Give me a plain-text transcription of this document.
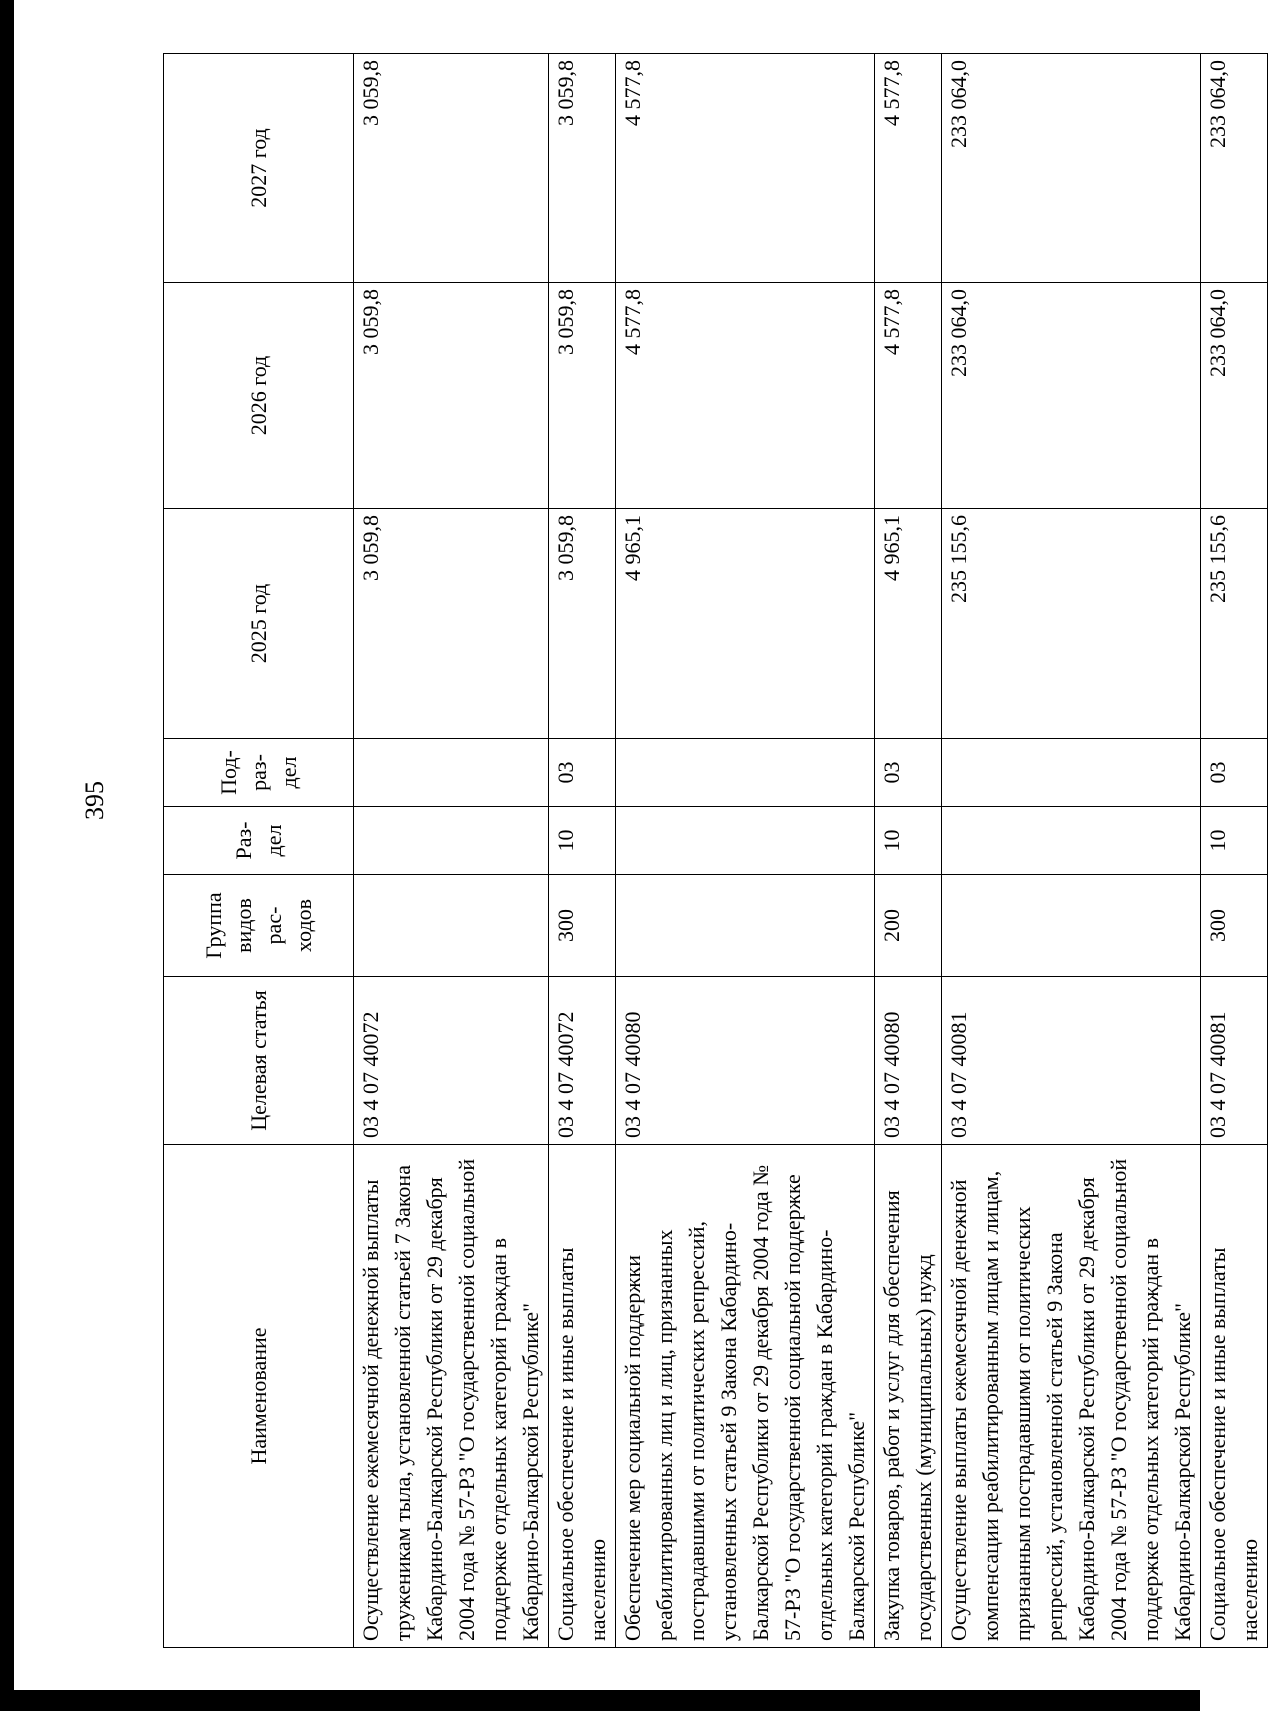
395
Наименование	Целевая статья	Группа видов рас-ходов	Раз-дел	Под-раз-дел	2025 год	2026 год	2027 год
Осуществление ежемесячной денежной выплаты труженикам тыла, установленной статьей 7 Закона Кабардино-Балкарской Республики от 29 декабря 2004 года № 57-РЗ "О государственной социальной поддержке отдельных категорий граждан в Кабардино-Балкарской Республике"	03 4 07 40072				3 059,8	3 059,8	3 059,8
Социальное обеспечение и иные выплаты населению	03 4 07 40072	300	10	03	3 059,8	3 059,8	3 059,8
Обеспечение мер социальной поддержки реабилитированных лиц и лиц, признанных пострадавшими от политических репрессий, установленных статьей 9 Закона Кабардино-Балкарской Республики от 29 декабря 2004 года № 57-РЗ "О государственной социальной поддержке отдельных категорий граждан в Кабардино-Балкарской Республике"	03 4 07 40080				4 965,1	4 577,8	4 577,8
Закупка товаров, работ и услуг для обеспечения государственных (муниципальных) нужд	03 4 07 40080	200	10	03	4 965,1	4 577,8	4 577,8
Осуществление выплаты ежемесячной денежной компенсации реабилитированным лицам и лицам, признанным пострадавшими от политических репрессий, установленной статьей 9 Закона Кабардино-Балкарской Республики от 29 декабря 2004 года № 57-РЗ "О государственной социальной поддержке отдельных категорий граждан в Кабардино-Балкарской Республике"	03 4 07 40081				235 155,6	233 064,0	233 064,0
Социальное обеспечение и иные выплаты населению	03 4 07 40081	300	10	03	235 155,6	233 064,0	233 064,0
